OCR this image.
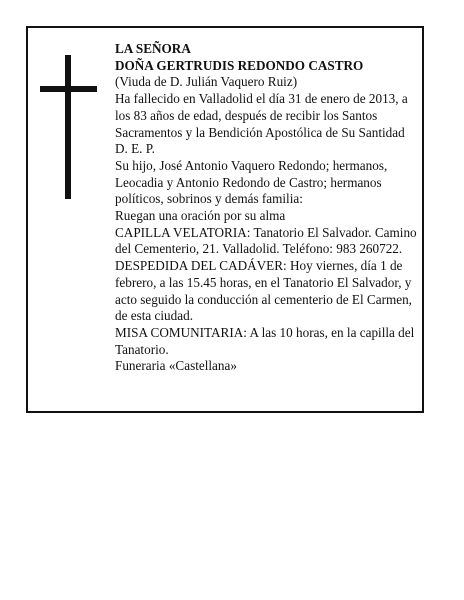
LA SEÑORA
DOÑA GERTRUDIS REDONDO CASTRO
(Viuda de D. Julián Vaquero Ruiz)
Ha fallecido en Valladolid el día 31 de enero de 2013, a los 83 años de edad, después de recibir los Santos Sacramentos y la Bendición Apostólica de Su Santidad D. E. P.
Su hijo, José Antonio Vaquero Redondo; hermanos, Leocadia y Antonio Redondo de Castro; hermanos políticos, sobrinos y demás familia:
Ruegan una oración por su alma
CAPILLA VELATORIA: Tanatorio El Salvador. Camino del Cementerio, 21. Valladolid. Teléfono: 983 260722.
DESPEDIDA DEL CADÁVER: Hoy viernes, día 1 de febrero, a las 15.45 horas, en el Tanatorio El Salvador, y acto seguido la conducción al cementerio de El Carmen, de esta ciudad.
MISA COMUNITARIA: A las 10 horas, en la capilla del Tanatorio.
Funeraria «Castellana»
